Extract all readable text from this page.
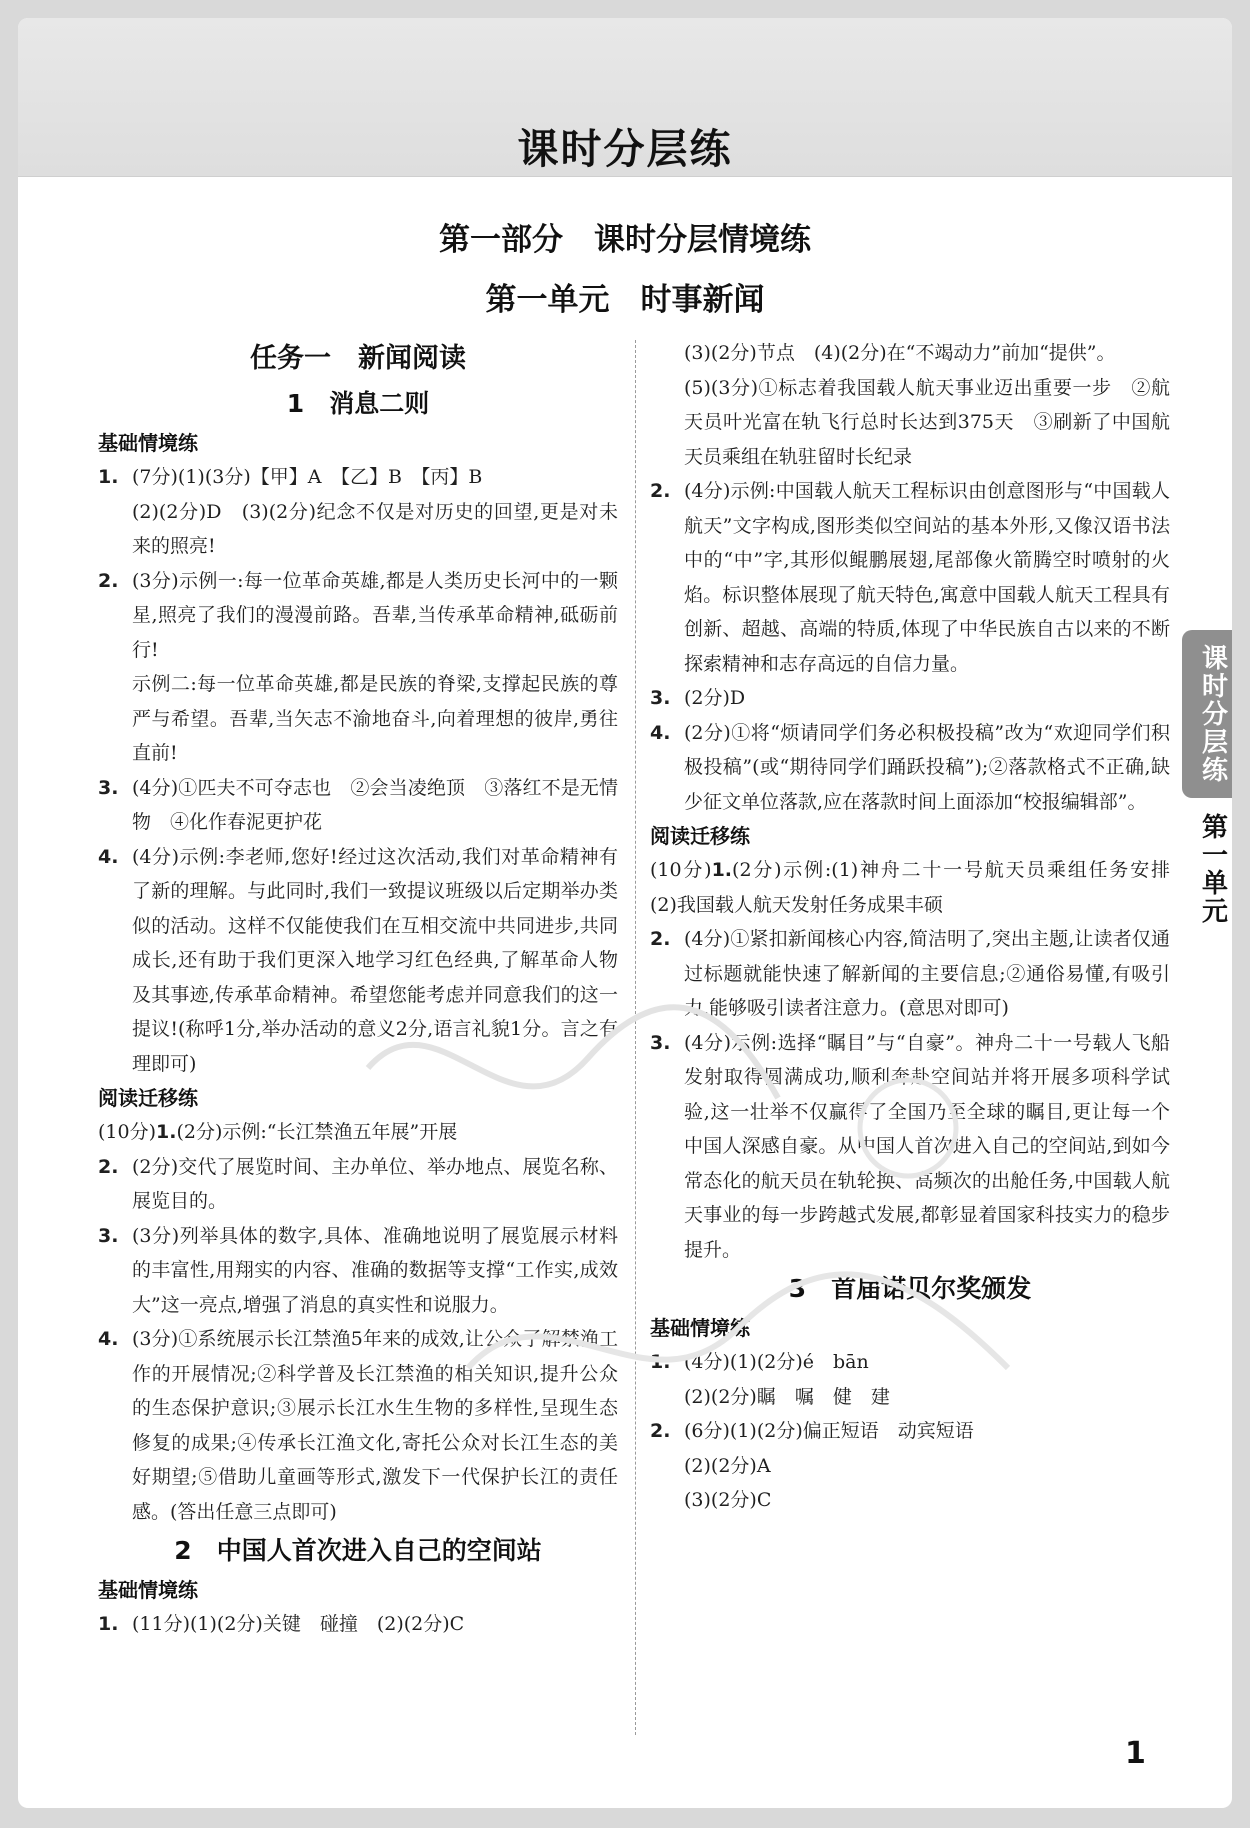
课时分层练
第一部分　课时分层情境练
第一单元　时事新闻
任务一　新闻阅读
1　消息二则
基础情境练
1. (7分)(1)(3分)【甲】A　【乙】B　【丙】B
(2)(2分)D　(3)(2分)纪念不仅是对历史的回望,更是对未来的照亮!
2. (3分)示例一:每一位革命英雄,都是人类历史长河中的一颗星,照亮了我们的漫漫前路。吾辈,当传承革命精神,砥砺前行!
示例二:每一位革命英雄,都是民族的脊梁,支撑起民族的尊严与希望。吾辈,当矢志不渝地奋斗,向着理想的彼岸,勇往直前!
3. (4分)①匹夫不可夺志也　②会当凌绝顶　③落红不是无情物　④化作春泥更护花
4. (4分)示例:李老师,您好!经过这次活动,我们对革命精神有了新的理解。与此同时,我们一致提议班级以后定期举办类似的活动。这样不仅能使我们在互相交流中共同进步,共同成长,还有助于我们更深入地学习红色经典,了解革命人物及其事迹,传承革命精神。希望您能考虑并同意我们的这一提议!(称呼1分,举办活动的意义2分,语言礼貌1分。言之有理即可)
阅读迁移练
(10分)1.(2分)示例:“长江禁渔五年展”开展
2. (2分)交代了展览时间、主办单位、举办地点、展览名称、展览目的。
3. (3分)列举具体的数字,具体、准确地说明了展览展示材料的丰富性,用翔实的内容、准确的数据等支撑“工作实,成效大”这一亮点,增强了消息的真实性和说服力。
4. (3分)①系统展示长江禁渔5年来的成效,让公众了解禁渔工作的开展情况;②科学普及长江禁渔的相关知识,提升公众的生态保护意识;③展示长江水生生物的多样性,呈现生态修复的成果;④传承长江渔文化,寄托公众对长江生态的美好期望;⑤借助儿童画等形式,激发下一代保护长江的责任感。(答出任意三点即可)
2　中国人首次进入自己的空间站
基础情境练
1. (11分)(1)(2分)关键　碰撞　(2)(2分)C
(3)(2分)节点　(4)(2分)在“不竭动力”前加“提供”。
(5)(3分)①标志着我国载人航天事业迈出重要一步　②航天员叶光富在轨飞行总时长达到375天　③刷新了中国航天员乘组在轨驻留时长纪录
2. (4分)示例:中国载人航天工程标识由创意图形与“中国载人航天”文字构成,图形类似空间站的基本外形,又像汉语书法中的“中”字,其形似鲲鹏展翅,尾部像火箭腾空时喷射的火焰。标识整体展现了航天特色,寓意中国载人航天工程具有创新、超越、高端的特质,体现了中华民族自古以来的不断探索精神和志存高远的自信力量。
3. (2分)D
4. (2分)①将“烦请同学们务必积极投稿”改为“欢迎同学们积极投稿”(或“期待同学们踊跃投稿”);②落款格式不正确,缺少征文单位落款,应在落款时间上面添加“校报编辑部”。
阅读迁移练
(10分)1.(2分)示例:(1)神舟二十一号航天员乘组任务安排　(2)我国载人航天发射任务成果丰硕
2. (4分)①紧扣新闻核心内容,简洁明了,突出主题,让读者仅通过标题就能快速了解新闻的主要信息;②通俗易懂,有吸引力,能够吸引读者注意力。(意思对即可)
3. (4分)示例:选择“瞩目”与“自豪”。神舟二十一号载人飞船发射取得圆满成功,顺利奔赴空间站并将开展多项科学试验,这一壮举不仅赢得了全国乃至全球的瞩目,更让每一个中国人深感自豪。从中国人首次进入自己的空间站,到如今常态化的航天员在轨轮换、高频次的出舱任务,中国载人航天事业的每一步跨越式发展,都彰显着国家科技实力的稳步提升。
3　首届诺贝尔奖颁发
基础情境练
1. (4分)(1)(2分)é　bān
(2)(2分)瞩　嘱　健　建
2. (6分)(1)(2分)偏正短语　动宾短语
(2)(2分)A
(3)(2分)C
课时分层练
第一单元
1
